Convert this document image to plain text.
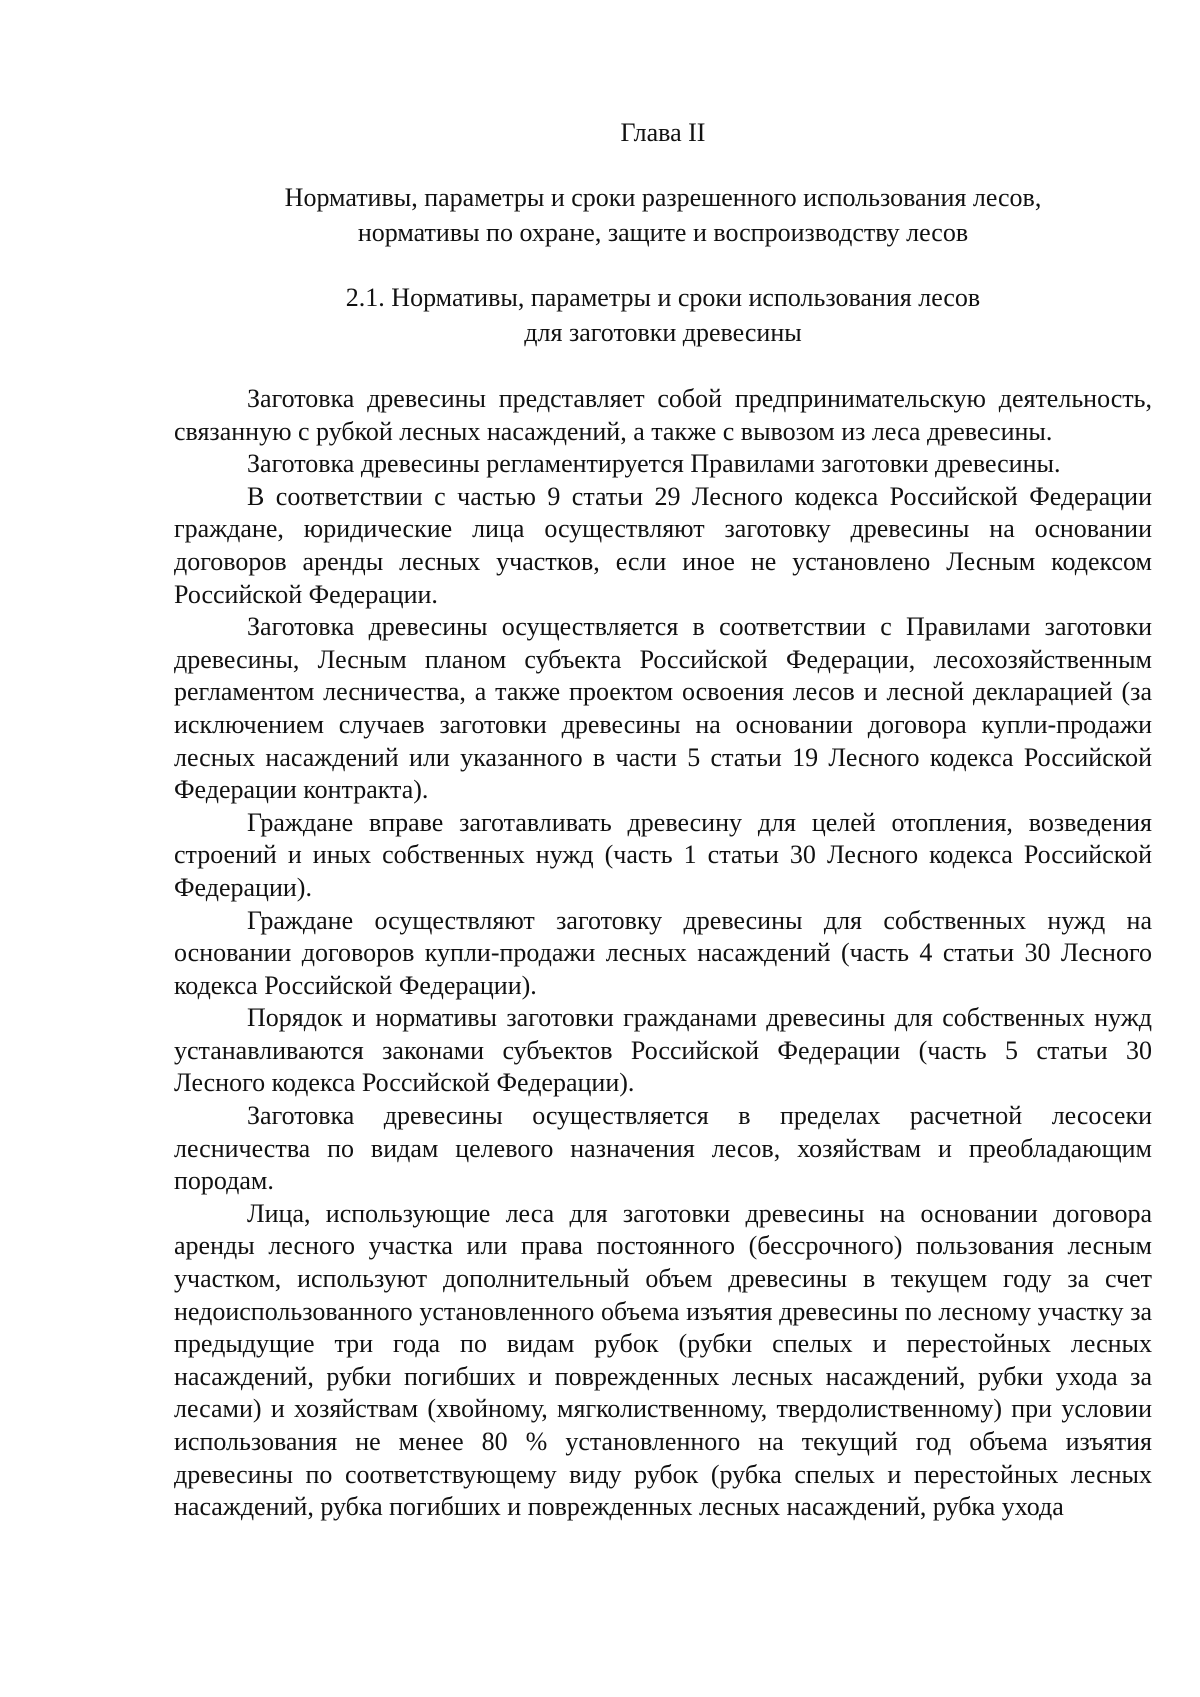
Глава II

Нормативы, параметры и сроки разрешенного использования лесов,
нормативы по охране, защите и воспроизводству лесов

2.1. Нормативы, параметры и сроки использования лесов
для заготовки древесины

Заготовка древесины представляет собой предпринимательскую деятельность, связанную с рубкой лесных насаждений, а также с вывозом из леса древесины.

Заготовка древесины регламентируется Правилами заготовки древесины.

В соответствии с частью 9 статьи 29 Лесного кодекса Российской Федерации граждане, юридические лица осуществляют заготовку древесины на основании договоров аренды лесных участков, если иное не установлено Лесным кодексом Российской Федерации.

Заготовка древесины осуществляется в соответствии с Правилами заготовки древесины, Лесным планом субъекта Российской Федерации, лесохозяйственным регламентом лесничества, а также проектом освоения лесов и лесной декларацией (за исключением случаев заготовки древесины на основании договора купли-продажи лесных насаждений или указанного в части 5 статьи 19 Лесного кодекса Российской Федерации контракта).

Граждане вправе заготавливать древесину для целей отопления, возведения строений и иных собственных нужд (часть 1 статьи 30 Лесного кодекса Российской Федерации).

Граждане осуществляют заготовку древесины для собственных нужд на основании договоров купли-продажи лесных насаждений (часть 4 статьи 30 Лесного кодекса Российской Федерации).

Порядок и нормативы заготовки гражданами древесины для собственных нужд устанавливаются законами субъектов Российской Федерации (часть 5 статьи 30 Лесного кодекса Российской Федерации).

Заготовка древесины осуществляется в пределах расчетной лесосеки лесничества по видам целевого назначения лесов, хозяйствам и преобладающим породам.

Лица, использующие леса для заготовки древесины на основании договора аренды лесного участка или права постоянного (бессрочного) пользования лесным участком, используют дополнительный объем древесины в текущем году за счет недоиспользованного установленного объема изъятия древесины по лесному участку за предыдущие три года по видам рубок (рубки спелых и перестойных лесных насаждений, рубки погибших и поврежденных лесных насаждений, рубки ухода за лесами) и хозяйствам (хвойному, мягколиственному, твердолиственному) при условии использования не менее 80 % установленного на текущий год объема изъятия древесины по соответствующему виду рубок (рубка спелых и перестойных лесных насаждений, рубка погибших и поврежденных лесных насаждений, рубка ухода
